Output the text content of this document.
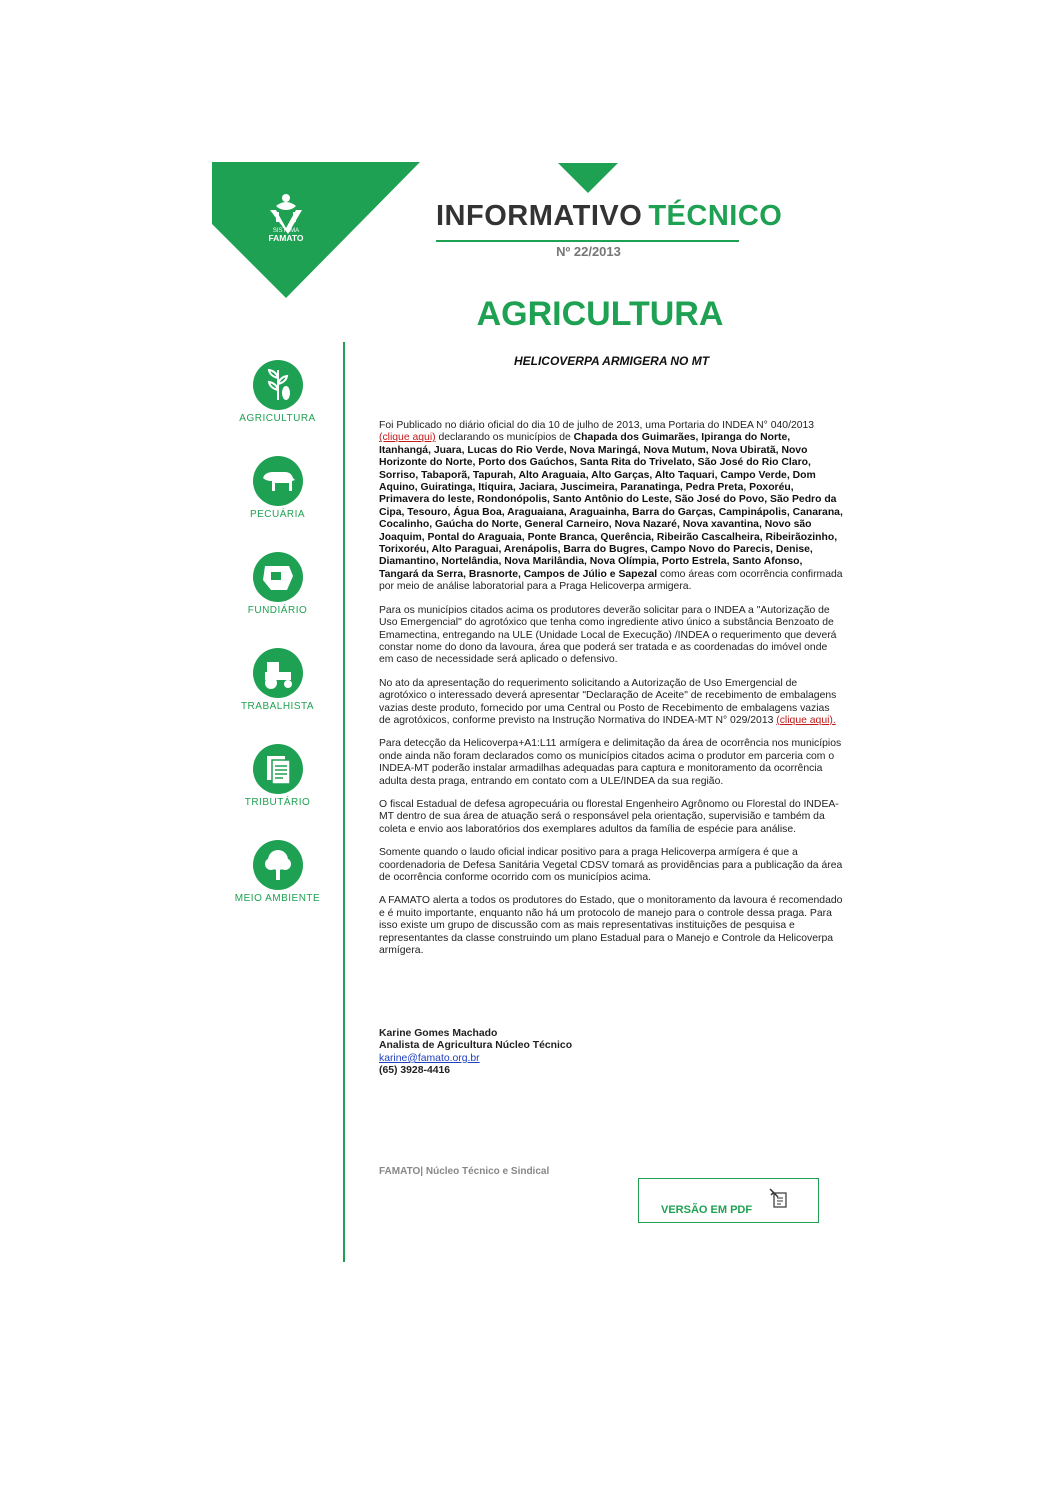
SISTEMA
FAMATO
INFORMATIVO TÉCNICO
Nº 22/2013
AGRICULTURA
HELICOVERPA ARMIGERA NO MT
AGRICULTURA
PECUÁRIA
FUNDIÁRIO
TRABALHISTA
TRIBUTÁRIO
MEIO AMBIENTE

Foi Publicado no diário oficial do dia 10 de julho de 2013, uma Portaria do INDEA N° 040/2013 (clique aqui) declarando os municípios de Chapada dos Guimarães, Ipiranga do Norte, Itanhangá, Juara, Lucas do Rio Verde, Nova Maringá, Nova Mutum, Nova Ubiratã, Novo Horizonte do Norte, Porto dos Gaúchos, Santa Rita do Trivelato, São José do Rio Claro, Sorriso, Tabaporã, Tapurah, Alto Araguaia, Alto Garças, Alto Taquari, Campo Verde, Dom Aquino, Guiratinga, Itiquira, Jaciara, Juscimeira, Paranatinga, Pedra Preta, Poxoréu, Primavera do leste, Rondonópolis, Santo Antônio do Leste, São José do Povo, São Pedro da Cipa, Tesouro, Água Boa, Araguaiana, Araguainha, Barra do Garças, Campinápolis, Canarana, Cocalinho, Gaúcha do Norte, General Carneiro, Nova Nazaré, Nova xavantina, Novo são Joaquim, Pontal do Araguaia, Ponte Branca, Querência, Ribeirão Cascalheira, Ribeirãozinho, Torixoréu, Alto Paraguai, Arenápolis, Barra do Bugres, Campo Novo do Parecis, Denise, Diamantino, Nortelândia, Nova Marilândia, Nova Olímpia, Porto Estrela, Santo Afonso, Tangará da Serra, Brasnorte, Campos de Júlio e Sapezal como áreas com ocorrência confirmada por meio de análise laboratorial para a Praga Helicoverpa armigera.

Para os municípios citados acima os produtores deverão solicitar para o INDEA a "Autorização de Uso Emergencial" do agrotóxico que tenha como ingrediente ativo único a substância Benzoato de Emamectina, entregando na ULE (Unidade Local de Execução) /INDEA o requerimento que deverá constar nome do dono da lavoura, área que poderá ser tratada e as coordenadas do imóvel onde em caso de necessidade será aplicado o defensivo.

No ato da apresentação do requerimento solicitando a Autorização de Uso Emergencial de agrotóxico o interessado deverá apresentar "Declaração de Aceite" de recebimento de embalagens vazias deste produto, fornecido por uma Central ou Posto de Recebimento de embalagens vazias de agrotóxicos, conforme previsto na Instrução Normativa do INDEA-MT N° 029/2013 (clique aqui).

Para detecção da Helicoverpa+A1:L11 armígera e delimitação da área de ocorrência nos municípios onde ainda não foram declarados como os municípios citados acima o produtor em parceria com o INDEA-MT poderão instalar armadilhas adequadas para captura e monitoramento da ocorrência adulta desta praga, entrando em contato com a ULE/INDEA da sua região.

O fiscal Estadual de defesa agropecuária ou florestal Engenheiro Agrônomo ou Florestal do INDEA-MT dentro de sua área de atuação será o responsável pela orientação, supervisião e também da coleta e envio aos laboratórios dos exemplares adultos da família de espécie para análise.

Somente quando o laudo oficial indicar positivo para a praga Helicoverpa armígera é que a coordenadoria de Defesa Sanitária Vegetal CDSV tomará as providências para a publicação da área de ocorrência conforme ocorrido com os municípios acima.

A FAMATO alerta a todos os produtores do Estado, que o monitoramento da lavoura é recomendado e é muito importante, enquanto não há um protocolo de manejo para o controle dessa praga. Para isso existe um grupo de discussão com as mais representativas instituições de pesquisa e representantes da classe construindo um plano Estadual para o Manejo e Controle da Helicoverpa armígera.

Karine Gomes Machado
Analista de Agricultura Núcleo Técnico
karine@famato.org.br
(65) 3928-4416
FAMATO| Núcleo Técnico e Sindical
VERSÃO EM PDF
